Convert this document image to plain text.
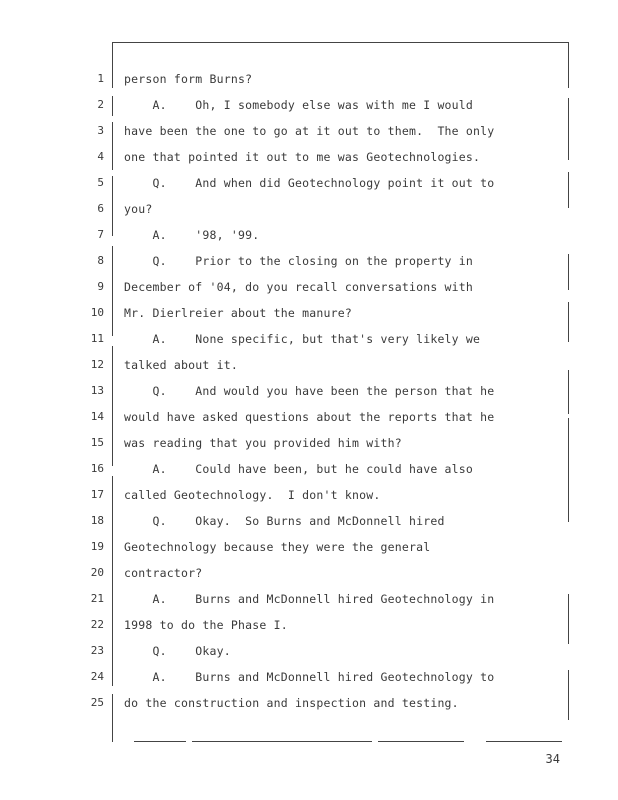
1 person form Burns?
2 A.    Oh, I somebody else was with me I would
3 have been the one to go at it out to them.  The only
4 one that pointed it out to me was Geotechnologies.
5 Q.    And when did Geotechnology point it out to
6 you?
7 A.    '98, '99.
8 Q.    Prior to the closing on the property in
9 December of '04, do you recall conversations with
10 Mr. Dierlreier about the manure?
11 A.    None specific, but that's very likely we
12 talked about it.
13 Q.    And would you have been the person that he
14 would have asked questions about the reports that he
15 was reading that you provided him with?
16 A.    Could have been, but he could have also
17 called Geotechnology.  I don't know.
18 Q.    Okay.  So Burns and McDonnell hired
19 Geotechnology because they were the general
20 contractor?
21 A.    Burns and McDonnell hired Geotechnology in
22 1998 to do the Phase I.
23 Q.    Okay.
24 A.    Burns and McDonnell hired Geotechnology to
25 do the construction and inspection and testing.
34
